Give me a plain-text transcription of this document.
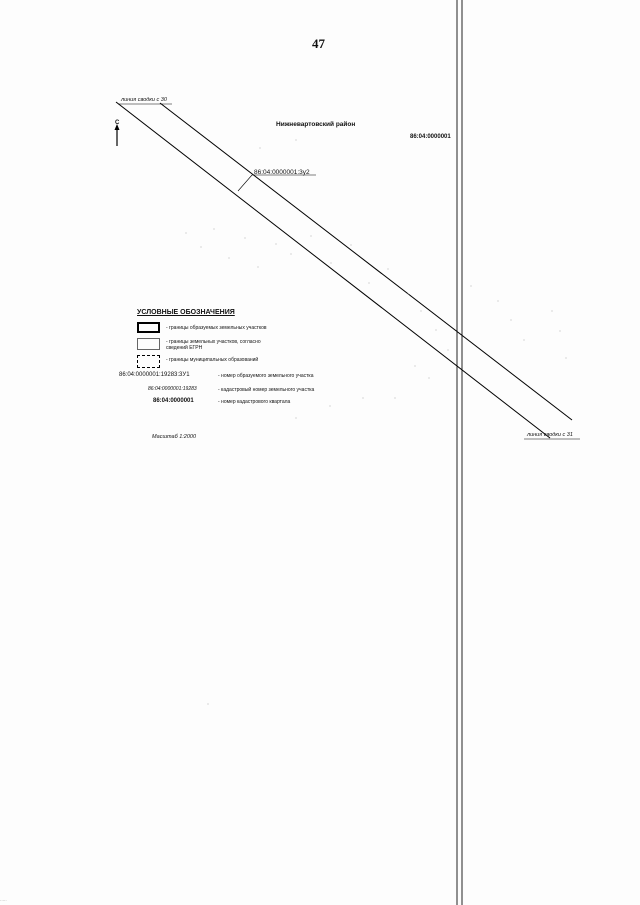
47
линия сводки с 30
линия сводки с 31
С	Нижневартовский район
86:04:0000001
86:04:0000001:3у2
УСЛОВНЫЕ ОБОЗНАЧЕНИЯ
- границы образуемых земельных участков
- границы земельных участков, согласно
сведений ЕГРН
- границы муниципальных образований
86:04:0000001:19283:3У1	- номер образуемого земельного участка
86:04:0000001:19283	- кадастровый номер земельного участка
86:04:0000001	- номер кадастрового квартала
Масштаб 1:2000
·····
